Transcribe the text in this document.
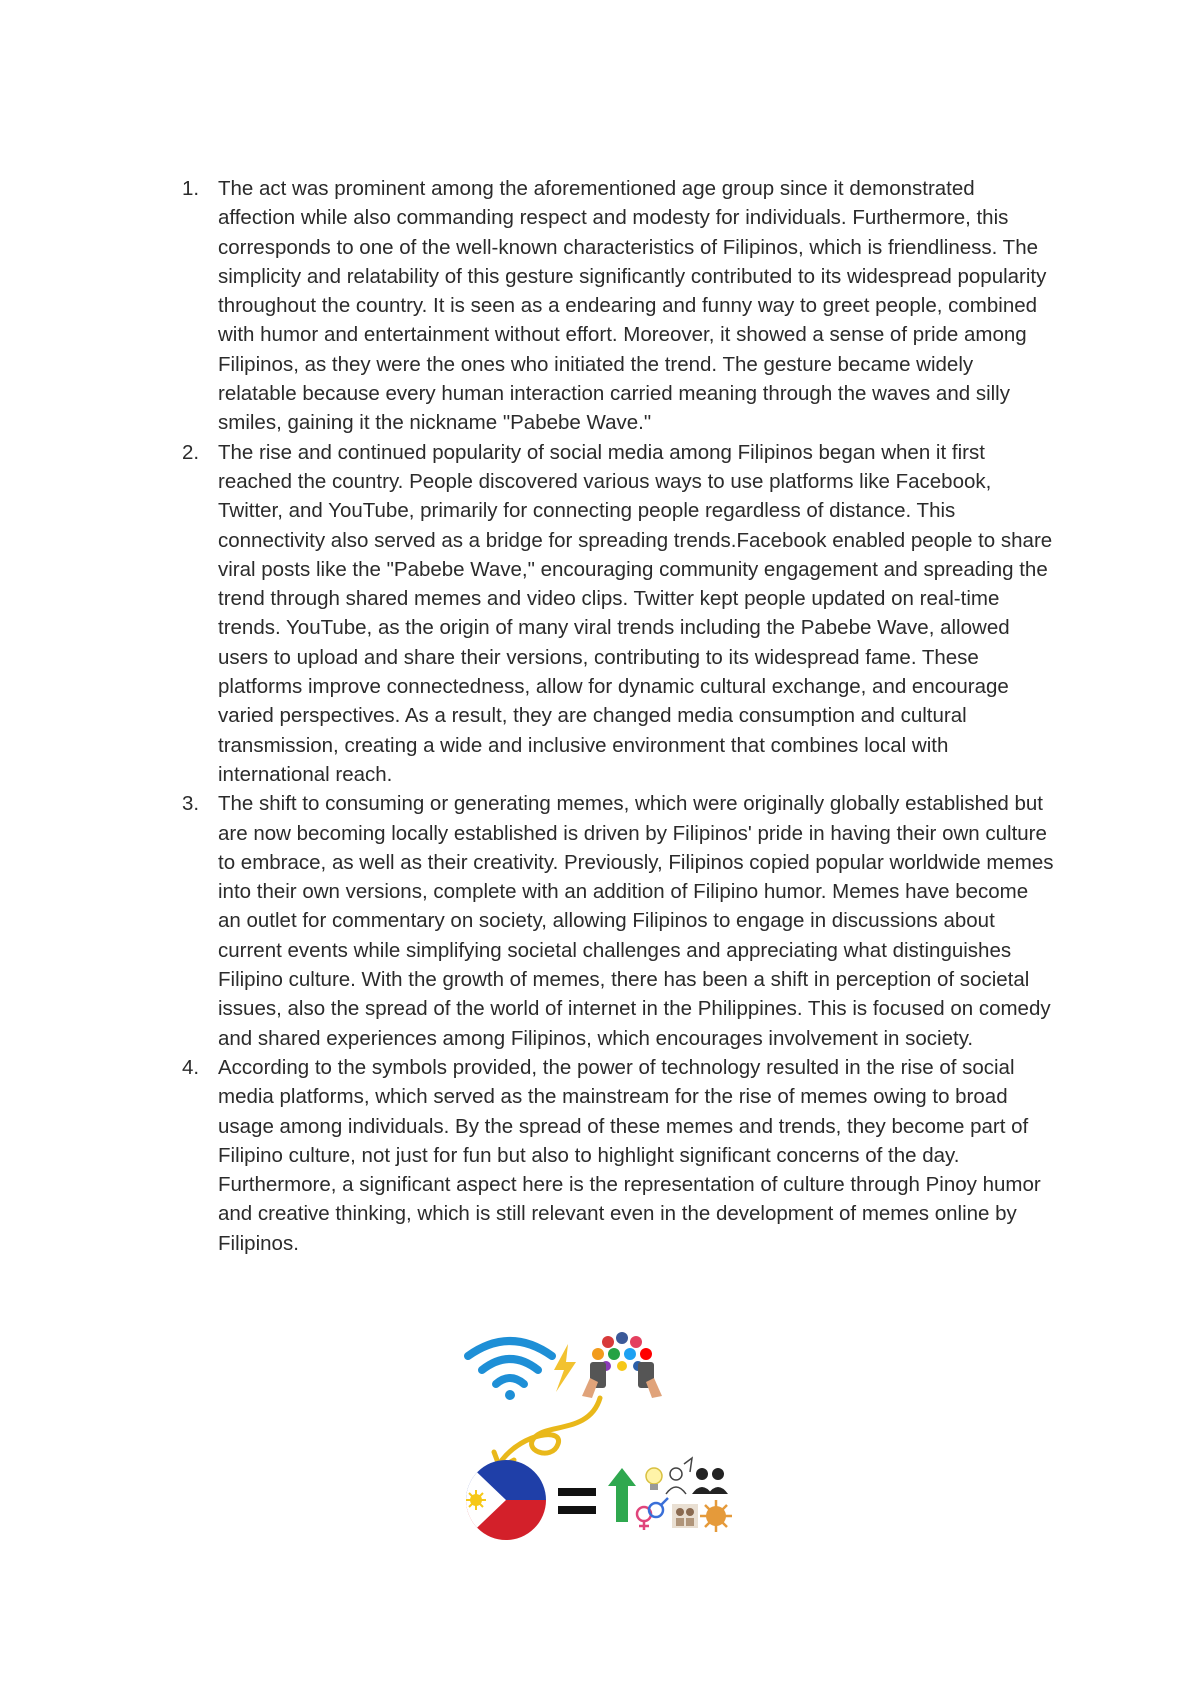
1. The act was prominent among the aforementioned age group since it demonstrated affection while also commanding respect and modesty for individuals. Furthermore, this corresponds to one of the well-known characteristics of Filipinos, which is friendliness. The simplicity and relatability of this gesture significantly contributed to its widespread popularity throughout the country. It is seen as a endearing and funny way to greet people, combined with humor and entertainment without effort. Moreover, it showed a sense of pride among Filipinos, as they were the ones who initiated the trend. The gesture became widely relatable because every human interaction carried meaning through the waves and silly smiles, gaining it the nickname "Pabebe Wave."
2. The rise and continued popularity of social media among Filipinos began when it first reached the country. People discovered various ways to use platforms like Facebook, Twitter, and YouTube, primarily for connecting people regardless of distance. This connectivity also served as a bridge for spreading trends.Facebook enabled people to share viral posts like the "Pabebe Wave," encouraging community engagement and spreading the trend through shared memes and video clips. Twitter kept people updated on real-time trends. YouTube, as the origin of many viral trends including the Pabebe Wave, allowed users to upload and share their versions, contributing to its widespread fame. These platforms improve connectedness, allow for dynamic cultural exchange, and encourage varied perspectives. As a result, they are changed media consumption and cultural transmission, creating a wide and inclusive environment that combines local with international reach.
3. The shift to consuming or generating memes, which were originally globally established but are now becoming locally established is driven by Filipinos' pride in having their own culture to embrace, as well as their creativity. Previously, Filipinos copied popular worldwide memes into their own versions, complete with an addition of Filipino humor. Memes have become an outlet for commentary on society, allowing Filipinos to engage in discussions about current events while simplifying societal challenges and appreciating what distinguishes Filipino culture. With the growth of memes, there has been a shift in perception of societal issues, also the spread of the world of internet in the Philippines. This is focused on comedy and shared experiences among Filipinos, which encourages involvement in society.
4. According to the symbols provided, the power of technology resulted in the rise of social media platforms, which served as the mainstream for the rise of memes owing to broad usage among individuals. By the spread of these memes and trends, they become part of Filipino culture, not just for fun but also to highlight significant concerns of the day. Furthermore, a significant aspect here is the representation of culture through Pinoy humor and creative thinking, which is still relevant even in the development of memes online by Filipinos.
